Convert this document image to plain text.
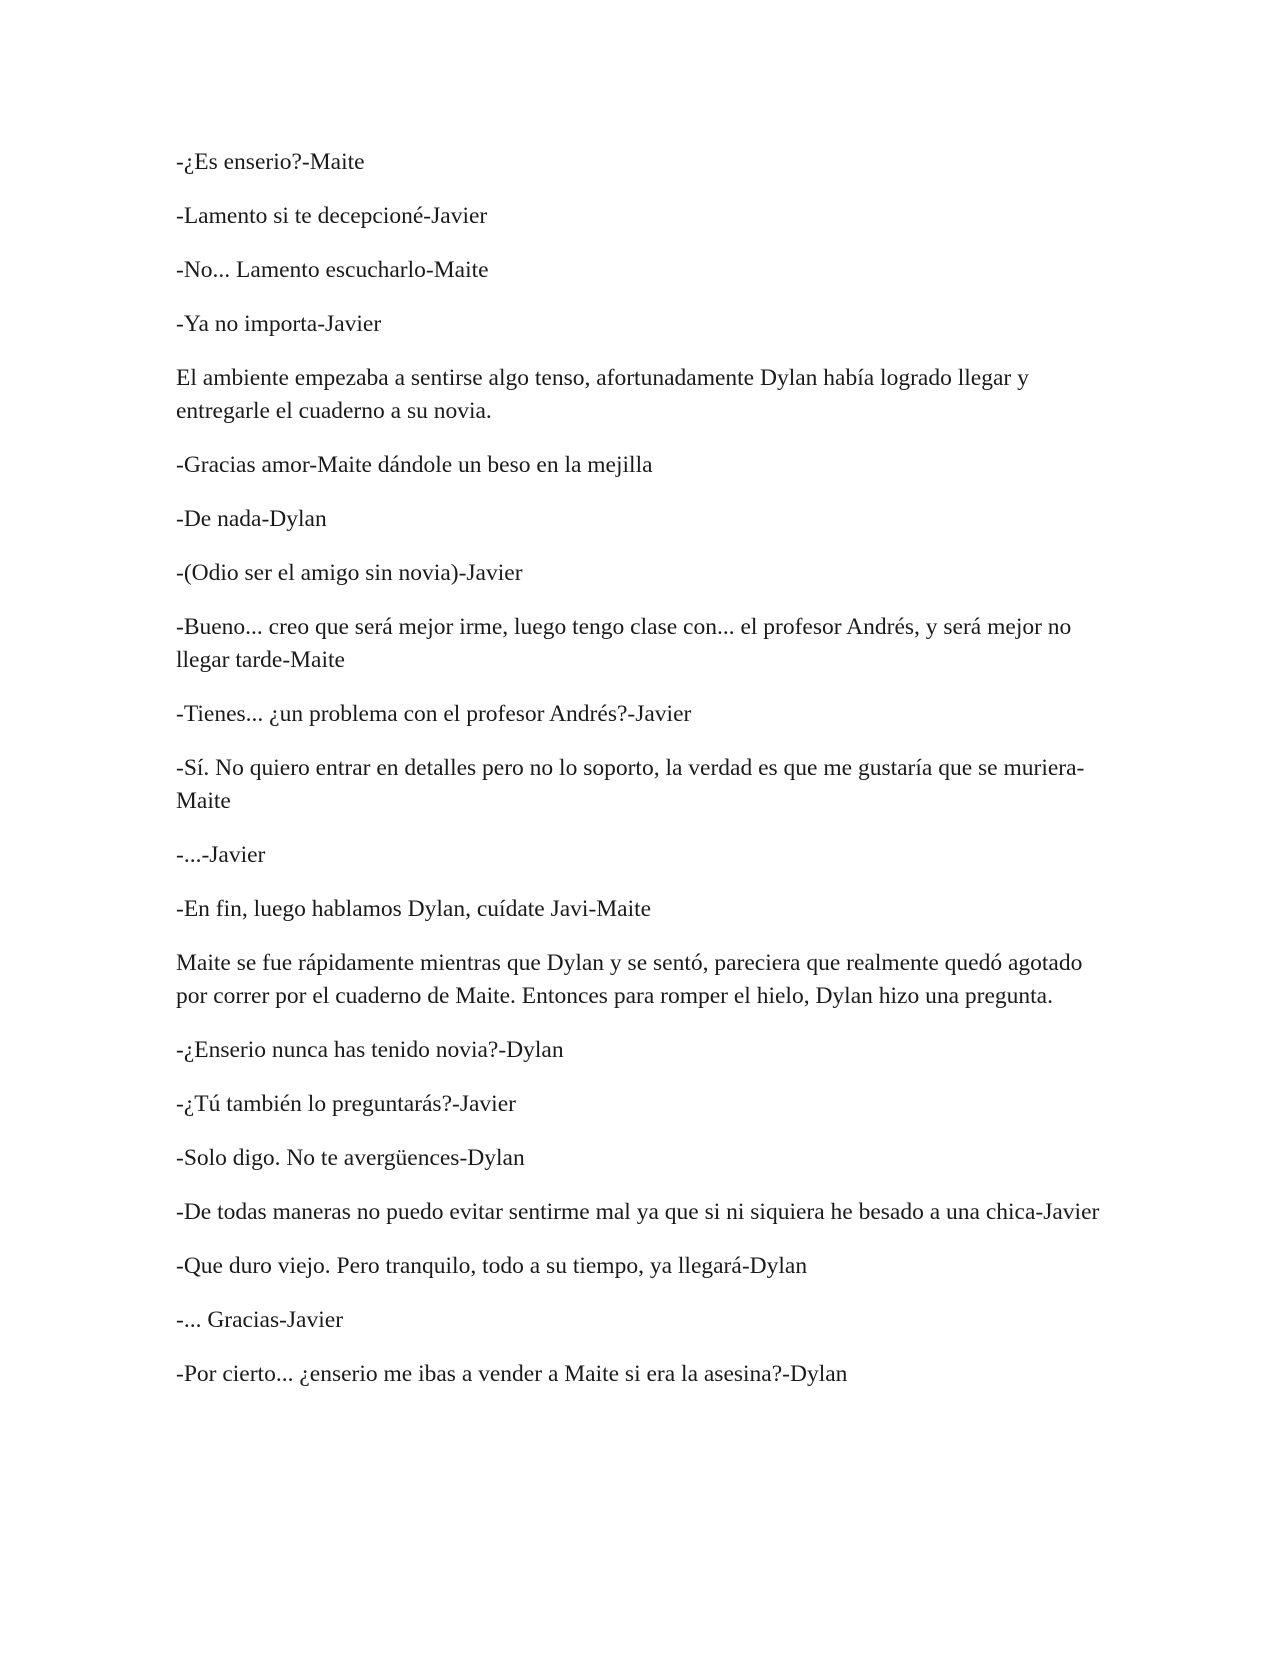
-¿Es enserio?-Maite

-Lamento si te decepcioné-Javier

-No... Lamento escucharlo-Maite

-Ya no importa-Javier

El ambiente empezaba a sentirse algo tenso, afortunadamente Dylan había logrado llegar y entregarle el cuaderno a su novia.

-Gracias amor-Maite dándole un beso en la mejilla

-De nada-Dylan

-(Odio ser el amigo sin novia)-Javier

-Bueno... creo que será mejor irme, luego tengo clase con... el profesor Andrés, y será mejor no llegar tarde-Maite

-Tienes... ¿un problema con el profesor Andrés?-Javier

-Sí. No quiero entrar en detalles pero no lo soporto, la verdad es que me gustaría que se muriera-Maite

-...-Javier

-En fin, luego hablamos Dylan, cuídate Javi-Maite

Maite se fue rápidamente mientras que Dylan y se sentó, pareciera que realmente quedó agotado por correr por el cuaderno de Maite. Entonces para romper el hielo, Dylan hizo una pregunta.

-¿Enserio nunca has tenido novia?-Dylan

-¿Tú también lo preguntarás?-Javier

-Solo digo. No te avergüences-Dylan

-De todas maneras no puedo evitar sentirme mal ya que si ni siquiera he besado a una chica-Javier

-Que duro viejo. Pero tranquilo, todo a su tiempo, ya llegará-Dylan

-... Gracias-Javier

-Por cierto... ¿enserio me ibas a vender a Maite si era la asesina?-Dylan
